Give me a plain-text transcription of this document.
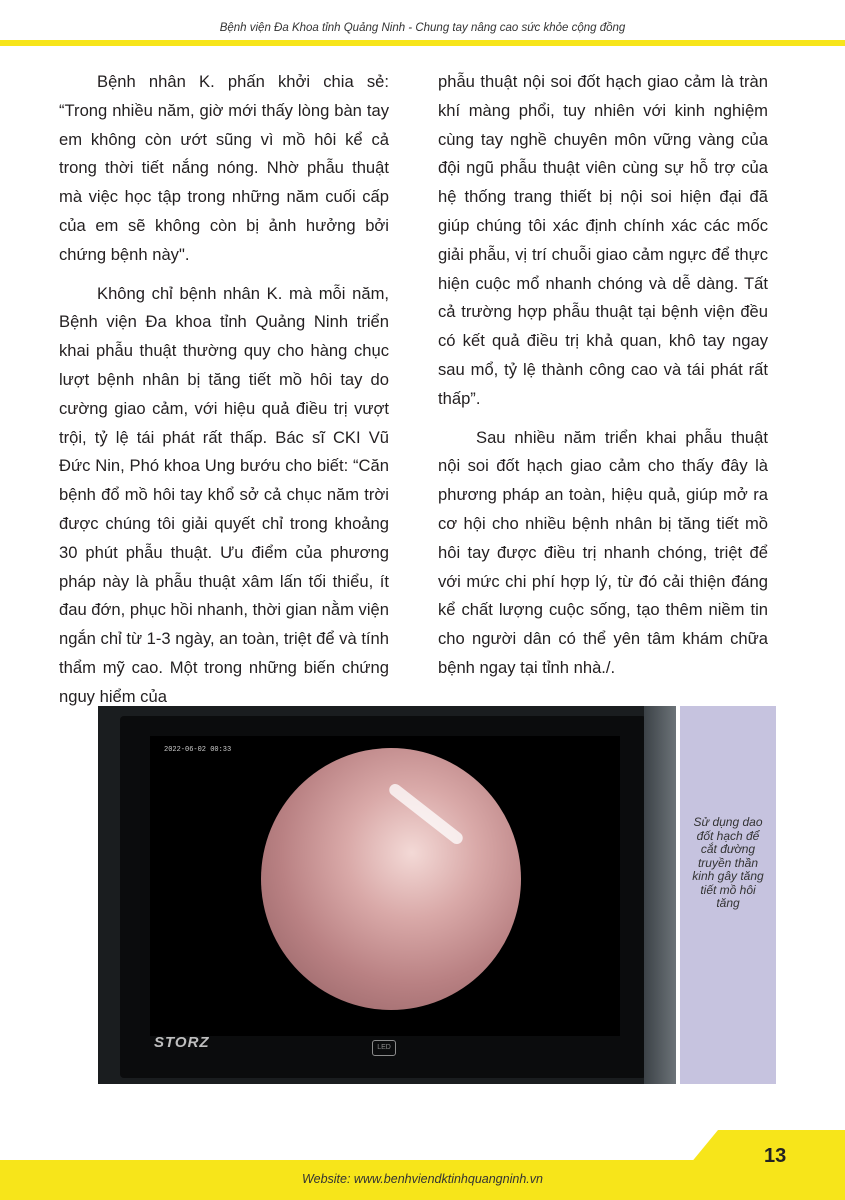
Bệnh viện Đa Khoa tỉnh Quảng Ninh - Chung tay nâng cao sức khỏe cộng đồng

Bệnh nhân K. phấn khởi chia sẻ: “Trong nhiều năm, giờ mới thấy lòng bàn tay em không còn ướt sũng vì mồ hôi kể cả trong thời tiết nắng nóng. Nhờ phẫu thuật mà việc học tập trong những năm cuối cấp của em sẽ không còn bị ảnh hưởng bởi chứng bệnh này".

Không chỉ bệnh nhân K. mà mỗi năm, Bệnh viện Đa khoa tỉnh Quảng Ninh triển khai phẫu thuật thường quy cho hàng chục lượt bệnh nhân bị tăng tiết mồ hôi tay do cường giao cảm, với hiệu quả điều trị vượt trội, tỷ lệ tái phát rất thấp. Bác sĩ CKI Vũ Đức Nin, Phó khoa Ung bướu cho biết: “Căn bệnh đổ mồ hôi tay khổ sở cả chục năm trời được chúng tôi giải quyết chỉ trong khoảng 30 phút phẫu thuật. Ưu điểm của phương pháp này là phẫu thuật xâm lấn tối thiểu, ít đau đớn, phục hồi nhanh, thời gian nằm viện ngắn chỉ từ 1-3 ngày, an toàn, triệt để và tính thẩm mỹ cao. Một trong những biến chứng nguy hiểm của

phẫu thuật nội soi đốt hạch giao cảm là tràn khí màng phổi, tuy nhiên với kinh nghiệm cùng tay nghề chuyên môn vững vàng của đội ngũ phẫu thuật viên cùng sự hỗ trợ của hệ thống trang thiết bị nội soi hiện đại đã giúp chúng tôi xác định chính xác các mốc giải phẫu, vị trí chuỗi giao cảm ngực để thực hiện cuộc mổ nhanh chóng và dễ dàng. Tất cả trường hợp phẫu thuật tại bệnh viện đều có kết quả điều trị khả quan, khô tay ngay sau mổ, tỷ lệ thành công cao và tái phát rất thấp”.

Sau nhiều năm triển khai phẫu thuật nội soi đốt hạch giao cảm cho thấy đây là phương pháp an toàn, hiệu quả, giúp mở ra cơ hội cho nhiều bệnh nhân bị tăng tiết mồ hôi tay được điều trị nhanh chóng, triệt để với mức chi phí hợp lý, từ đó cải thiện đáng kể chất lượng cuộc sống, tạo thêm niềm tin cho người dân có thể yên tâm khám chữa bệnh ngay tại tỉnh nhà./.

2022-06-02 00:33
STORZ	LED
Sử dụng dao đốt hạch để cắt đường truyền thần kinh gây tăng tiết mồ hôi tăng
Website: www.benhviendktinhquangninh.vn
13
